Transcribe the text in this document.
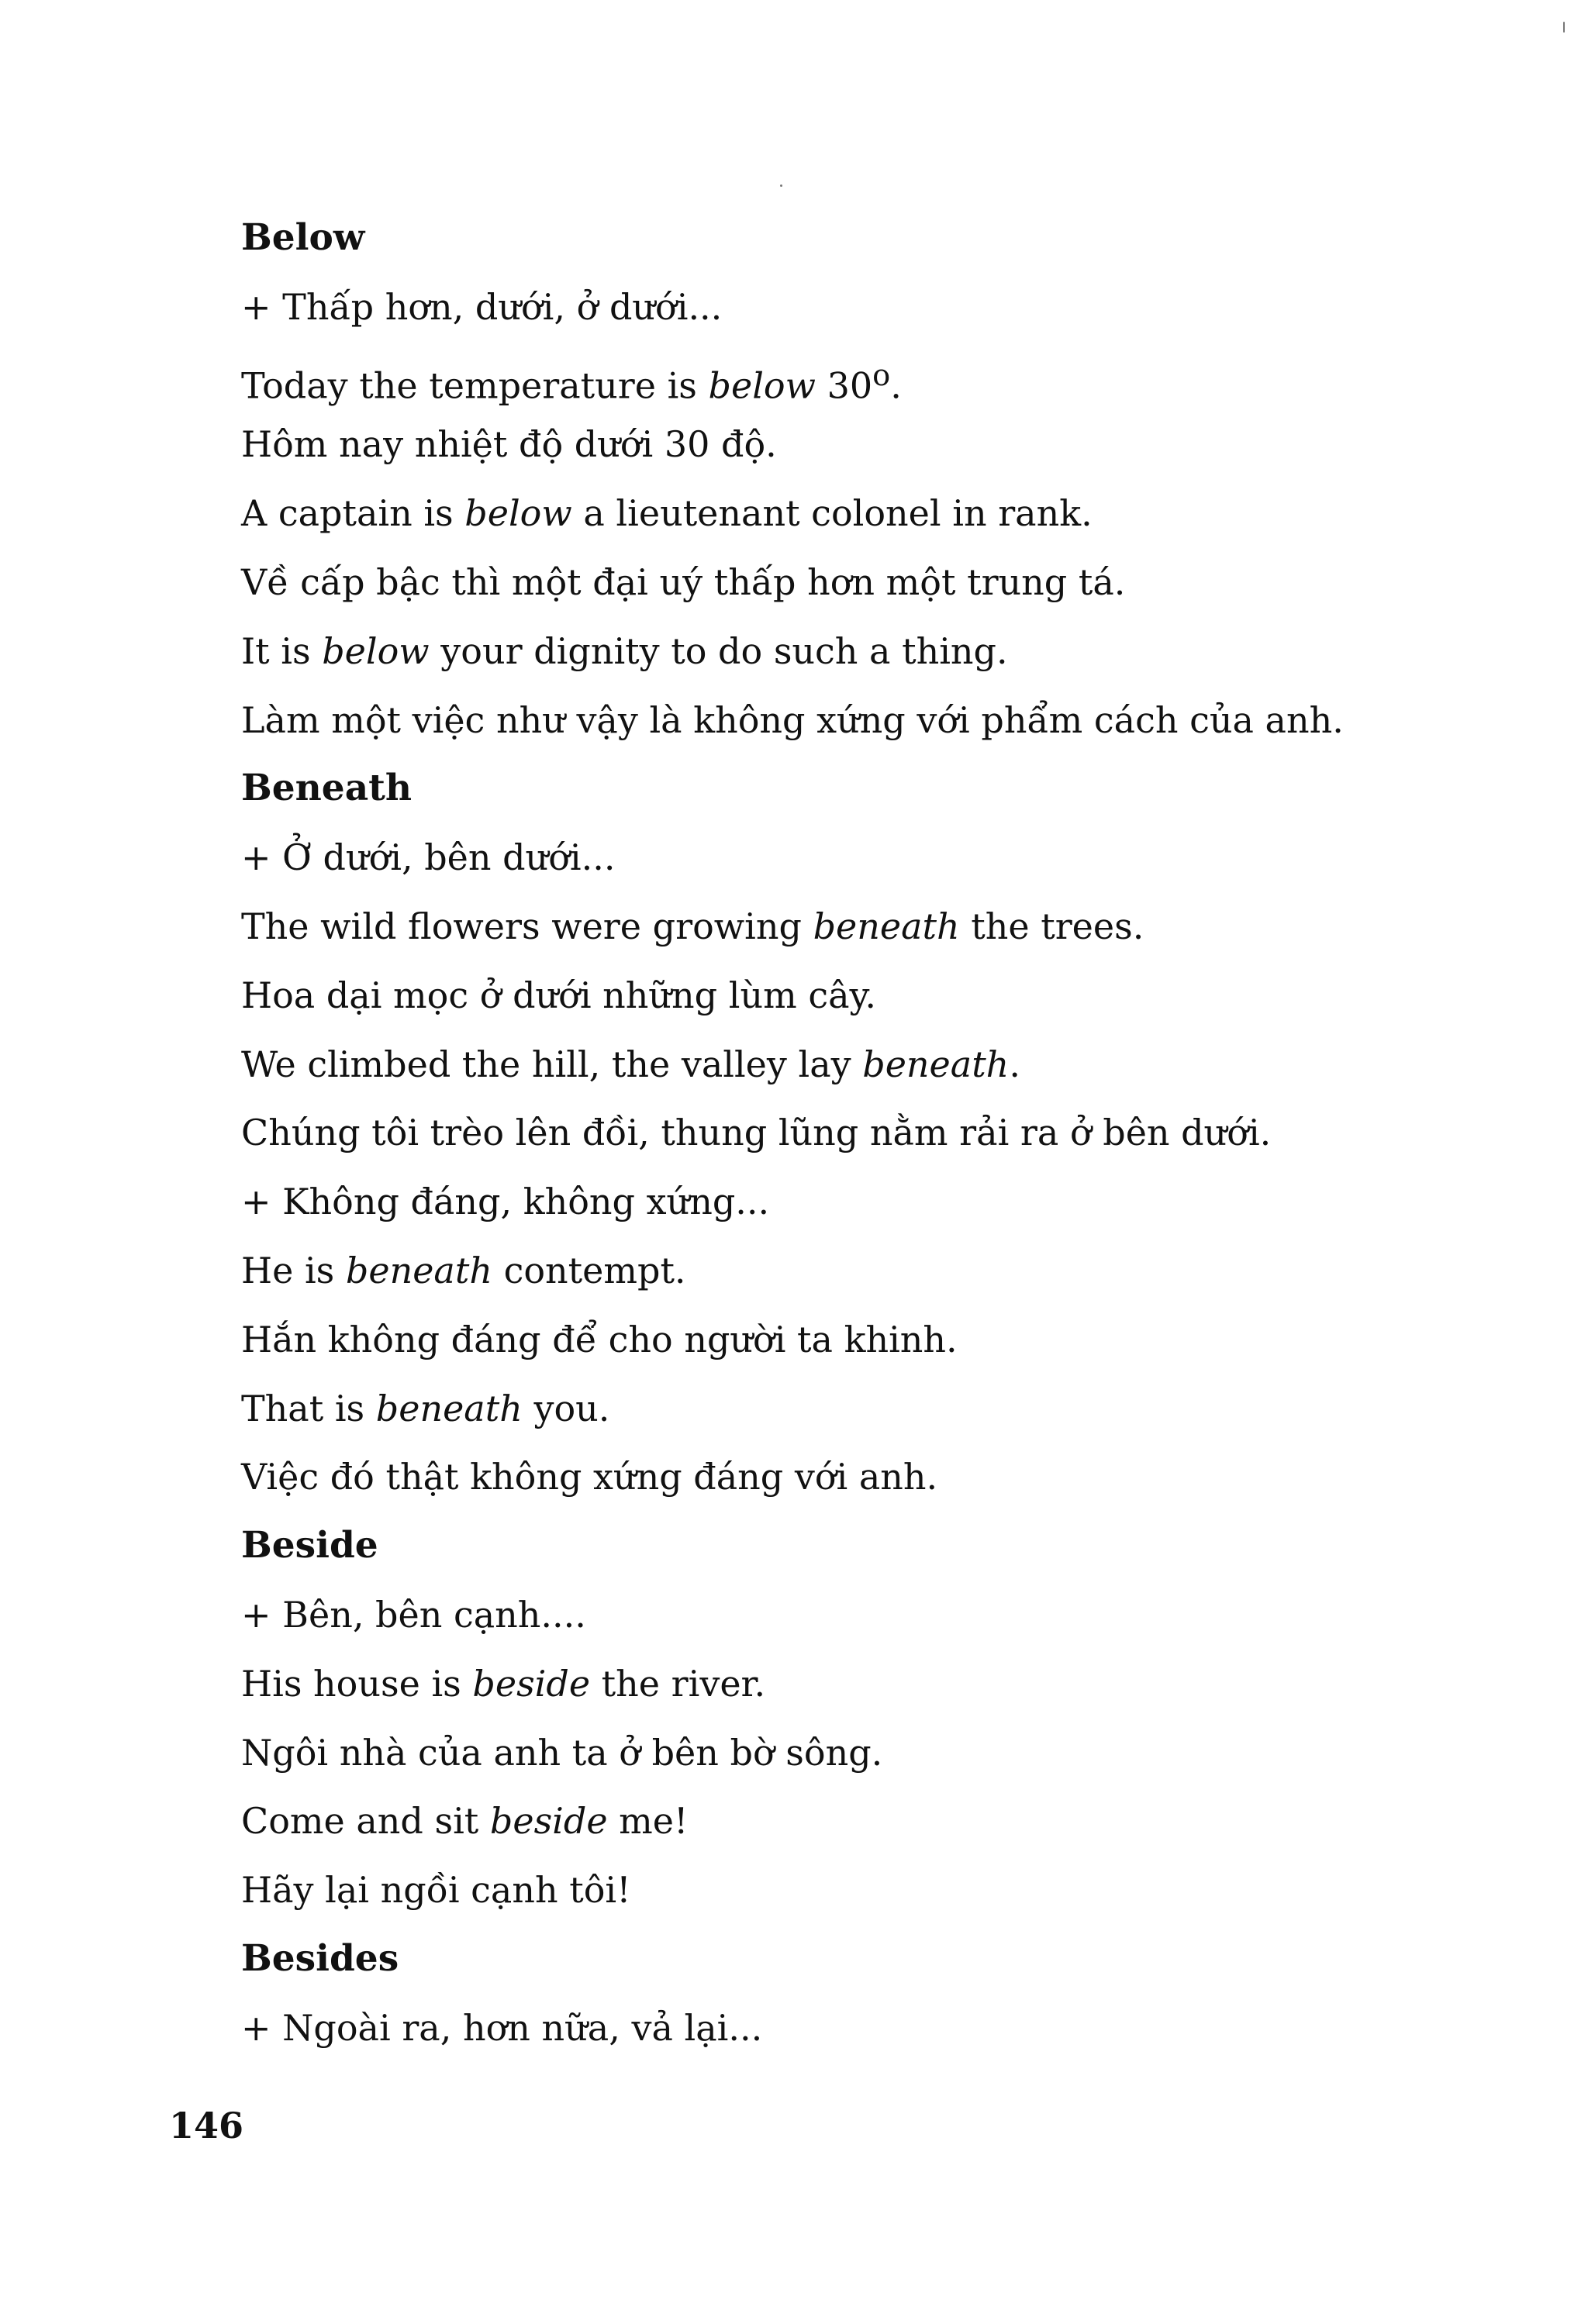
Below
+ Thấp hơn, dưới, ở dưới...
Today the temperature is below 30$^o$.
Hôm nay nhiệt độ dưới 30 độ.
A captain is below a lieutenant colonel in rank.
Về cấp bậc thì một đại uý thấp hơn một trung tá.
It is below your dignity to do such a thing.
Làm một việc như vậy là không xứng với phẩm cách của anh.
Beneath
+ Ở dưới, bên dưới...
The wild flowers were growing beneath the trees.
Hoa dại mọc ở dưới những lùm cây.
We climbed the hill, the valley lay beneath.
Chúng tôi trèo lên đồi, thung lũng nằm rải ra ở bên dưới.
+ Không đáng, không xứng...
He is beneath contempt.
Hắn không đáng để cho người ta khinh.
That is beneath you.
Việc đó thật không xứng đáng với anh.
Beside
+ Bên, bên cạnh....
His house is beside the river.
Ngôi nhà của anh ta ở bên bờ sông.
Come and sit beside me!
Hãy lại ngồi cạnh tôi!
Besides
+ Ngoài ra, hơn nữa, vả lại...
146
